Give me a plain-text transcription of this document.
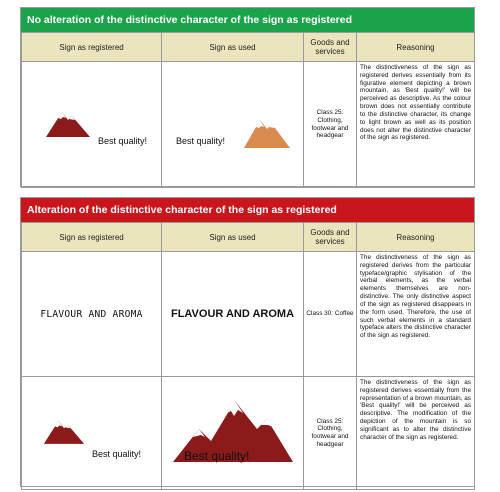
No alteration of the distinctive character of the sign as registered
Sign as registered	Sign as used	Goods and services	Reasoning

Best quality!	Best quality!	Class 25: Clothing, footwear and headgear	The distinctiveness of the sign as registered derives essentially from its figurative element depicting a brown mountain, as 'Best quality!' will be perceived as descriptive. As the colour brown does not essentially contribute to the distinctive character, its change to light brown as well as its position does not alter the distinctive character of the sign as registered.
Alteration of the distinctive character of the sign as registered
Sign as registered	Sign as used	Goods and services	Reasoning

FLAVOUR AND AROMA	FLAVOUR AND AROMA	Class 30: Coffee	The distinctiveness of the sign as registered derives from the particular typeface/graphic stylisation of the verbal elements, as the verbal elements themselves are non-distinctive. The only distinctive aspect of the sign as registered disappears in the form used. Therefore, the use of such verbal elements in a standard typeface alters the distinctive character of the sign as registered.

Best quality!	Best quality!	Class 25: Clothing, footwear and headgear	The distinctiveness of the sign as registered derives essentially from the representation of a brown mountain, as 'Best quality!' will be perceived as descriptive. The modification of the depiction of the mountain is so significant as to alter the distinctive character of the sign as registered.
